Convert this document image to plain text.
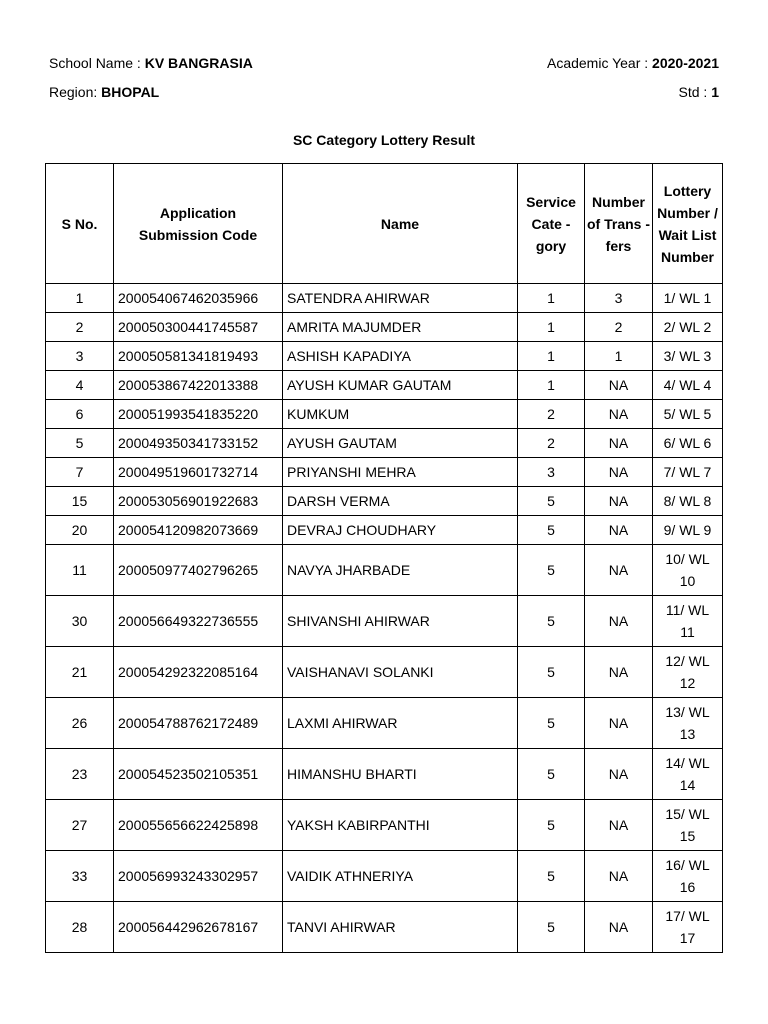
School Name : KV BANGRASIA	Academic Year : 2020-2021
Region: BHOPAL	Std : 1
SC Category Lottery Result
S No.	Application Submission Code	Name	Service Cate - gory	Number of Trans -fers	Lottery Number / Wait List Number
1	200054067462035966	SATENDRA AHIRWAR	1	3	1/ WL 1
2	200050300441745587	AMRITA MAJUMDER	1	2	2/ WL 2
3	200050581341819493	ASHISH KAPADIYA	1	1	3/ WL 3
4	200053867422013388	AYUSH KUMAR GAUTAM	1	NA	4/ WL 4
6	200051993541835220	KUMKUM	2	NA	5/ WL 5
5	200049350341733152	AYUSH GAUTAM	2	NA	6/ WL 6
7	200049519601732714	PRIYANSHI MEHRA	3	NA	7/ WL 7
15	200053056901922683	DARSH VERMA	5	NA	8/ WL 8
20	200054120982073669	DEVRAJ CHOUDHARY	5	NA	9/ WL 9
11	200050977402796265	NAVYA JHARBADE	5	NA	10/ WL 10

30	200056649322736555	SHIVANSHI AHIRWAR	5	NA	11/ WL 11

21	200054292322085164	VAISHANAVI SOLANKI	5	NA	12/ WL 12

26	200054788762172489	LAXMI AHIRWAR	5	NA	13/ WL 13

23	200054523502105351	HIMANSHU BHARTI	5	NA	14/ WL 14

27	200055656622425898	YAKSH KABIRPANTHI	5	NA	15/ WL 15

33	200056993243302957	VAIDIK ATHNERIYA	5	NA	16/ WL 16

28	200056442962678167	TANVI AHIRWAR	5	NA	17/ WL 17
